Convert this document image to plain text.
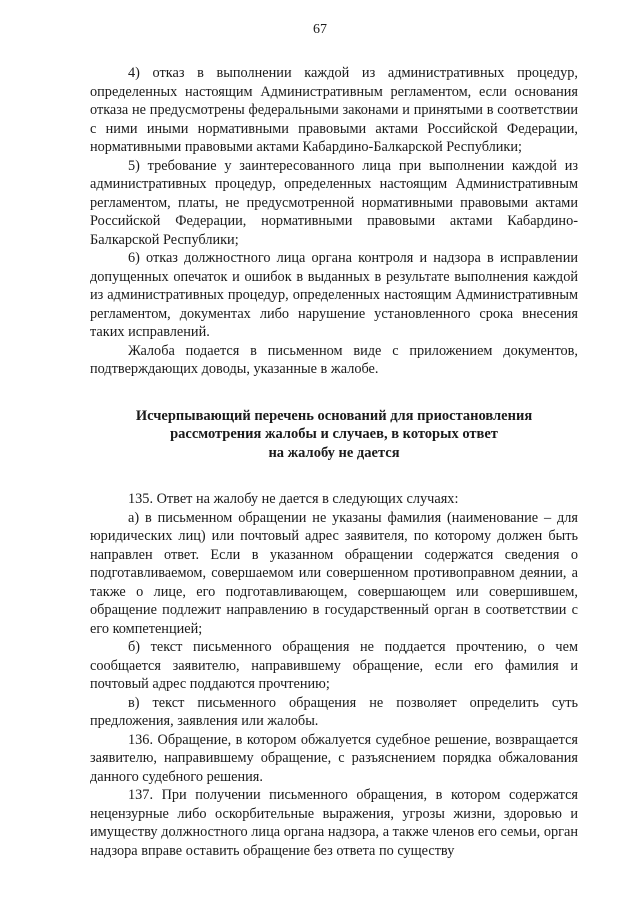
67

4) отказ в выполнении каждой из административных процедур, определенных настоящим Административным регламентом, если основания отказа не предусмотрены федеральными законами и принятыми в соответствии с ними иными нормативными правовыми актами Российской Федерации, нормативными правовыми актами Кабардино-Балкарской Республики;

5) требование у заинтересованного лица при выполнении каждой из административных процедур, определенных настоящим Административным регламентом, платы, не предусмотренной нормативными правовыми актами Российской Федерации, нормативными правовыми актами Кабардино-Балкарской Республики;

6) отказ должностного лица органа контроля и надзора в исправлении допущенных опечаток и ошибок в выданных в результате выполнения каждой из административных процедур, определенных настоящим Административным регламентом, документах либо нарушение установленного срока внесения таких исправлений.

Жалоба подается в письменном виде с приложением документов, подтверждающих доводы, указанные в жалобе.

Исчерпывающий перечень оснований для приостановления
рассмотрения жалобы и случаев, в которых ответ
на жалобу не дается

135. Ответ на жалобу не дается в следующих случаях:

а) в письменном обращении не указаны фамилия (наименование – для юридических лиц) или почтовый адрес заявителя, по которому должен быть направлен ответ. Если в указанном обращении содержатся сведения о подготавливаемом, совершаемом или совершенном противоправном деянии, а также о лице, его подготавливающем, совершающем или совершившем, обращение подлежит направлению в государственный орган в соответствии с его компетенцией;

б) текст письменного обращения не поддается прочтению, о чем сообщается заявителю, направившему обращение, если его фамилия и почтовый адрес поддаются прочтению;

в) текст письменного обращения не позволяет определить суть предложения, заявления или жалобы.

136. Обращение, в котором обжалуется судебное решение, возвращается заявителю, направившему обращение, с разъяснением порядка обжалования данного судебного решения.

137. При получении письменного обращения, в котором содержатся нецензурные либо оскорбительные выражения, угрозы жизни, здоровью и имуществу должностного лица органа надзора, а также членов его семьи, орган надзора вправе оставить обращение без ответа по существу
